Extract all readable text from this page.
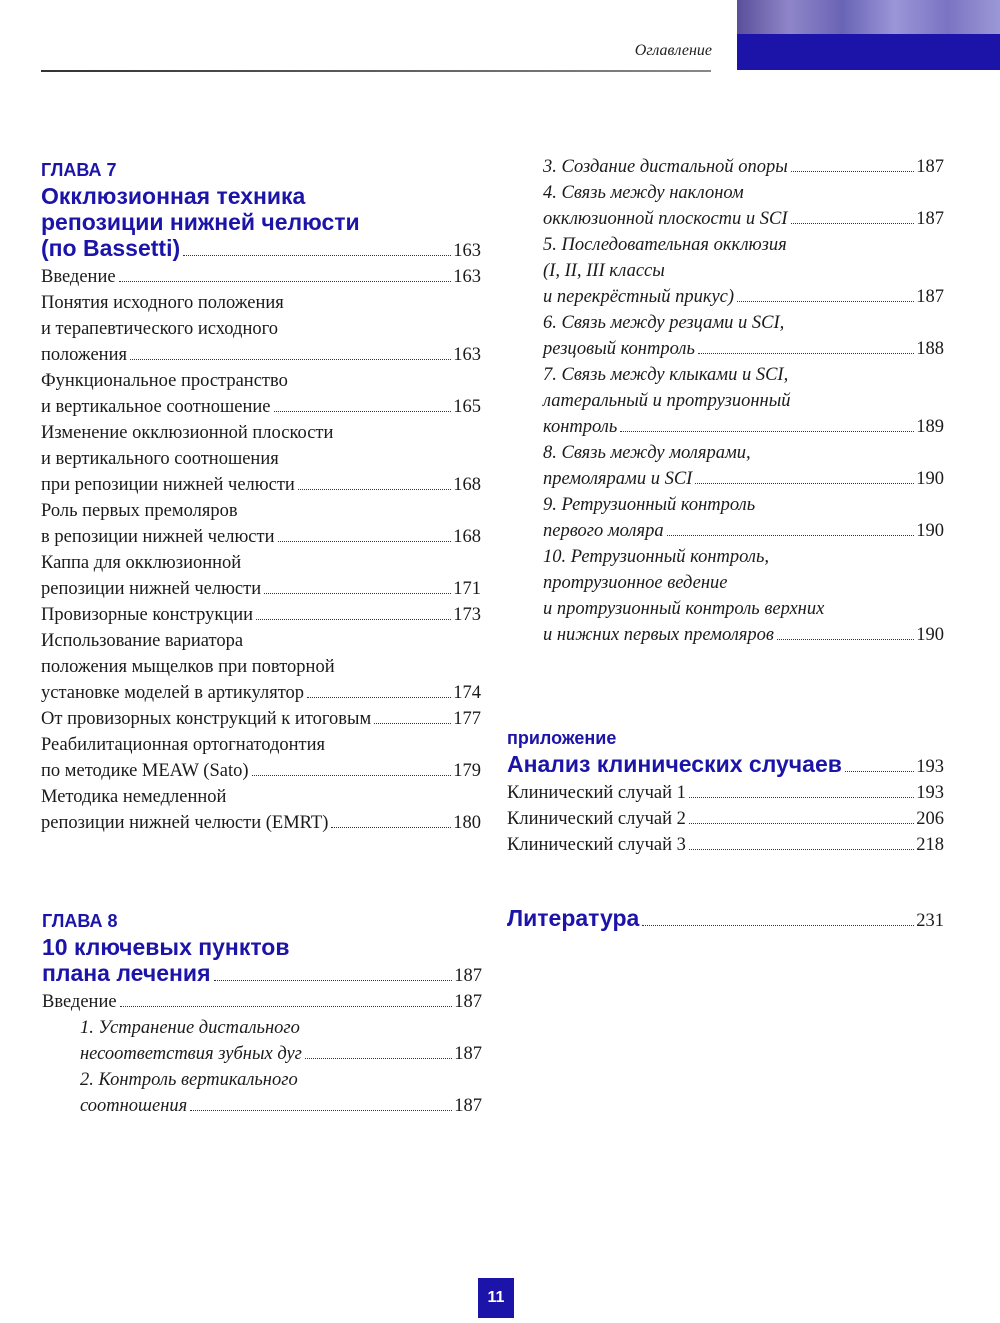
Оглавление
ГЛАВА 7
Окклюзионная техника
репозиции нижней челюсти
(по Bassetti)	163
Введение	163
Понятия исходного положения
и терапевтического исходного
положения	163
Функциональное пространство
и вертикальное соотношение	165
Изменение окклюзионной плоскости
и вертикального соотношения
при репозиции нижней челюсти	168
Роль первых премоляров
в репозиции нижней челюсти	168
Каппа для окклюзионной
репозиции нижней челюсти	171
Провизорные конструкции	173
Использование вариатора
положения мыщелков при повторной
установке моделей в артикулятор	174
От провизорных конструкций к итоговым	177
Реабилитационная ортогнатодонтия
по методике MEAW (Sato)	179
Методика немедленной
репозиции нижней челюсти (EMRT)	180
ГЛАВА 8
10 ключевых пунктов
плана лечения	187
Введение	187
1. Устранение дистального
несоответствия зубных дуг	187
2. Контроль вертикального
соотношения	187
3. Создание дистальной опоры	187
4. Связь между наклоном
окклюзионной плоскости и SCI	187
5. Последовательная окклюзия
(I, II, III классы
и перекрёстный прикус)	187
6. Связь между резцами и SCI,
резцовый контроль	188
7. Связь между клыками и SCI,
латеральный и протрузионный
контроль	189
8. Связь между молярами,
премолярами и SCI	190
9. Ретрузионный контроль
первого моляра	190
10. Ретрузионный контроль,
протрузионное ведение
и протрузионный контроль верхних
и нижних первых премоляров	190
приложение
Анализ клинических случаев	193
Клинический случай 1	193
Клинический случай 2	206
Клинический случай 3	218
Литература	231
11
